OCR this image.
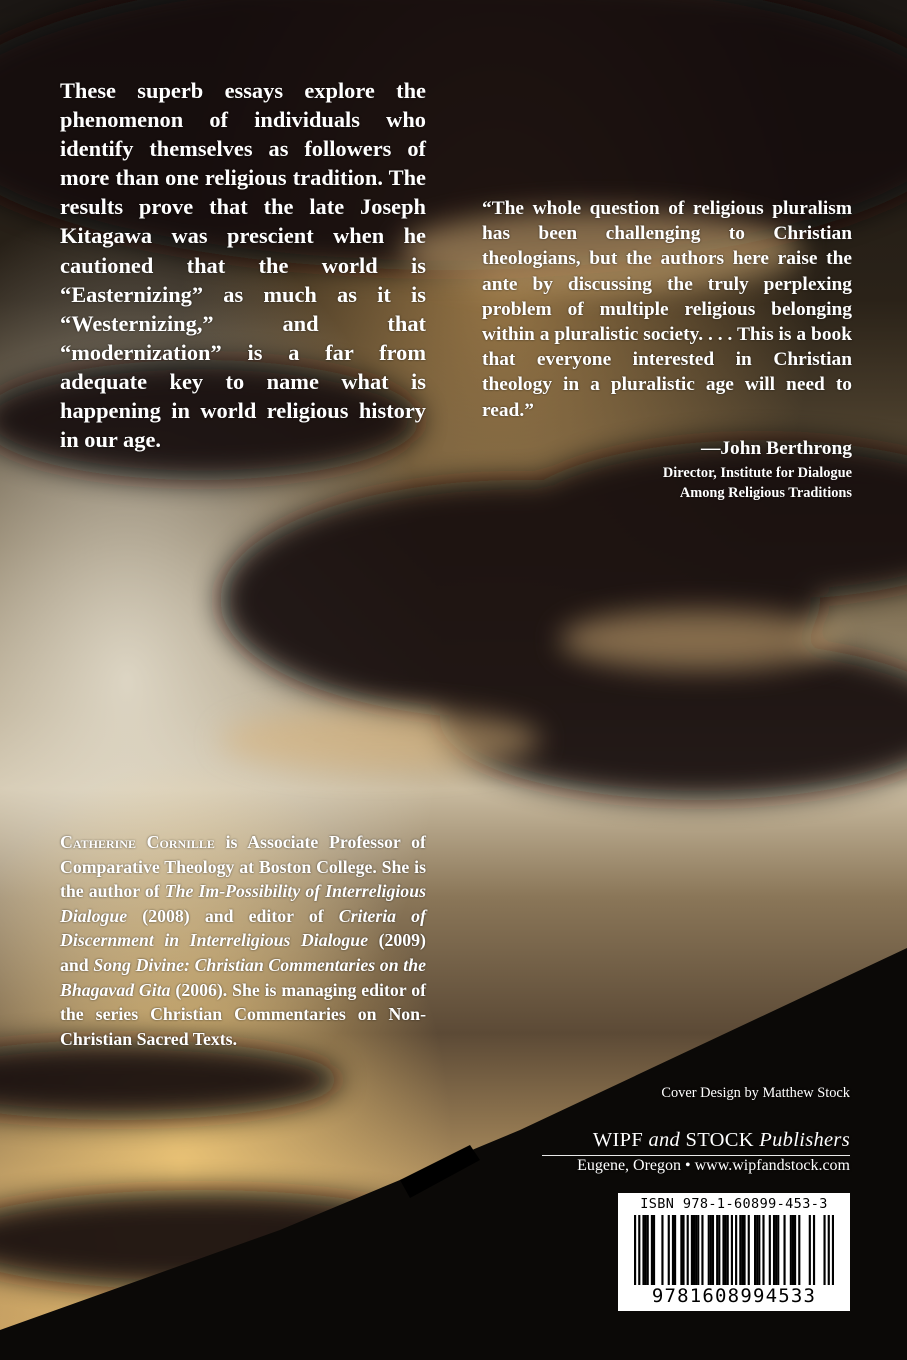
These superb essays explore the phenomenon of individuals who identify themselves as followers of more than one religious tradition. The results prove that the late Joseph Kitagawa was prescient when he cautioned that the world is “Easternizing” as much as it is “Westernizing,” and that “modernization” is a far from adequate key to name what is happening in world religious history in our age.

“The whole question of religious pluralism has been challenging to Christian theologians, but the authors here raise the ante by discussing the truly perplexing problem of multiple religious belonging within a pluralistic society. . . . This is a book that everyone interested in Christian theology in a pluralistic age will need to read.”

—John Berthrong

Director, Institute for Dialogue
Among Religious Traditions

Catherine Cornille is Associate Professor of Comparative Theology at Boston College. She is the author of The Im-Possibility of Interreligious Dialogue (2008) and editor of Criteria of Discernment in Interreligious Dialogue (2009) and Song Divine: Christian Commentaries on the Bhagavad Gita (2006). She is managing editor of the series Christian Commentaries on Non-Christian Sacred Texts.

Cover Design by Matthew Stock

WIPF and STOCK Publishers

Eugene, Oregon • www.wipfandstock.com

ISBN 978-1-60899-453-3
9781608994533
